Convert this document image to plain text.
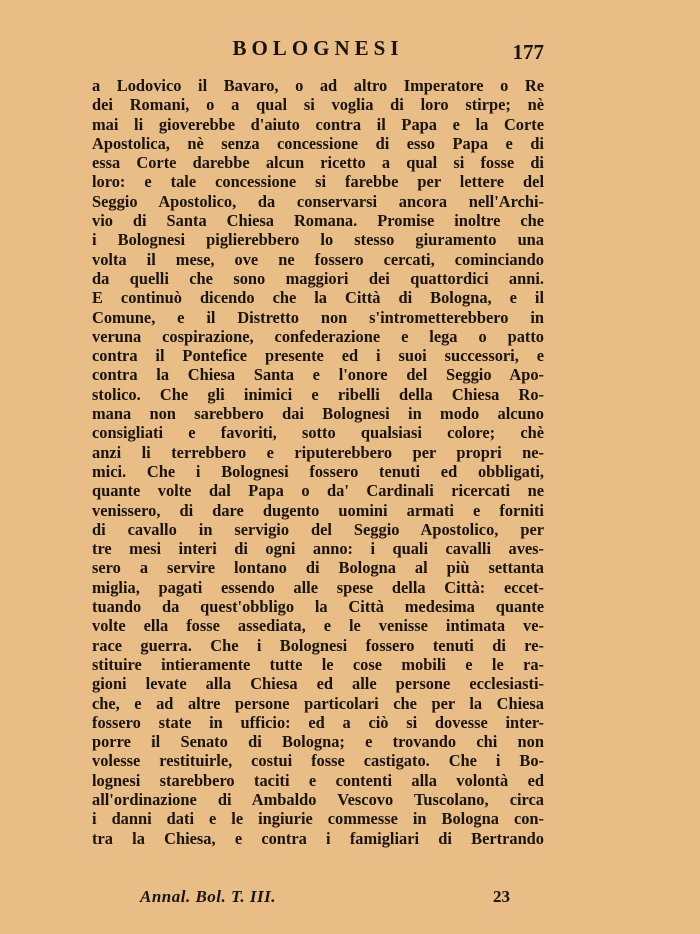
BOLOGNESI	177
a Lodovico il Bavaro, o ad altro Imperatore o Re
dei Romani, o a qual si voglia di loro stirpe; nè
mai li gioverebbe d'aiuto contra il Papa e la Corte
Apostolica, nè senza concessione di esso Papa e di
essa Corte darebbe alcun ricetto a qual si fosse di
loro: e tale concessione si farebbe per lettere del
Seggio Apostolico, da conservarsi ancora nell'Archi-
vio di Santa Chiesa Romana. Promise inoltre che
i Bolognesi piglierebbero lo stesso giuramento una
volta il mese, ove ne fossero cercati, cominciando
da quelli che sono maggiori dei quattordici anni.
E continuò dicendo che la Città di Bologna, e il
Comune, e il Distretto non s'intrometterebbero in
veruna cospirazione, confederazione e lega o patto
contra il Pontefice presente ed i suoi successori, e
contra la Chiesa Santa e l'onore del Seggio Apo-
stolico. Che gli inimici e ribelli della Chiesa Ro-
mana non sarebbero dai Bolognesi in modo alcuno
consigliati e favoriti, sotto qualsiasi colore; chè
anzi li terrebbero e riputerebbero per propri ne-
mici. Che i Bolognesi fossero tenuti ed obbligati,
quante volte dal Papa o da' Cardinali ricercati ne
venissero, di dare dugento uomini armati e forniti
di cavallo in servigio del Seggio Apostolico, per
tre mesi interi di ogni anno: i quali cavalli aves-
sero a servire lontano di Bologna al più settanta
miglia, pagati essendo alle spese della Città: eccet-
tuando da quest'obbligo la Città medesima quante
volte ella fosse assediata, e le venisse intimata ve-
race guerra. Che i Bolognesi fossero tenuti di re-
stituire intieramente tutte le cose mobili e le ra-
gioni levate alla Chiesa ed alle persone ecclesiasti-
che, e ad altre persone particolari che per la Chiesa
fossero state in ufficio: ed a ciò si dovesse inter-
porre il Senato di Bologna; e trovando chi non
volesse restituirle, costui fosse castigato. Che i Bo-
lognesi starebbero taciti e contenti alla volontà ed
all'ordinazione di Ambaldo Vescovo Tuscolano, circa
i danni dati e le ingiurie commesse in Bologna con-
tra la Chiesa, e contra i famigliari di Bertrando
Annal. Bol. T. III.	23
